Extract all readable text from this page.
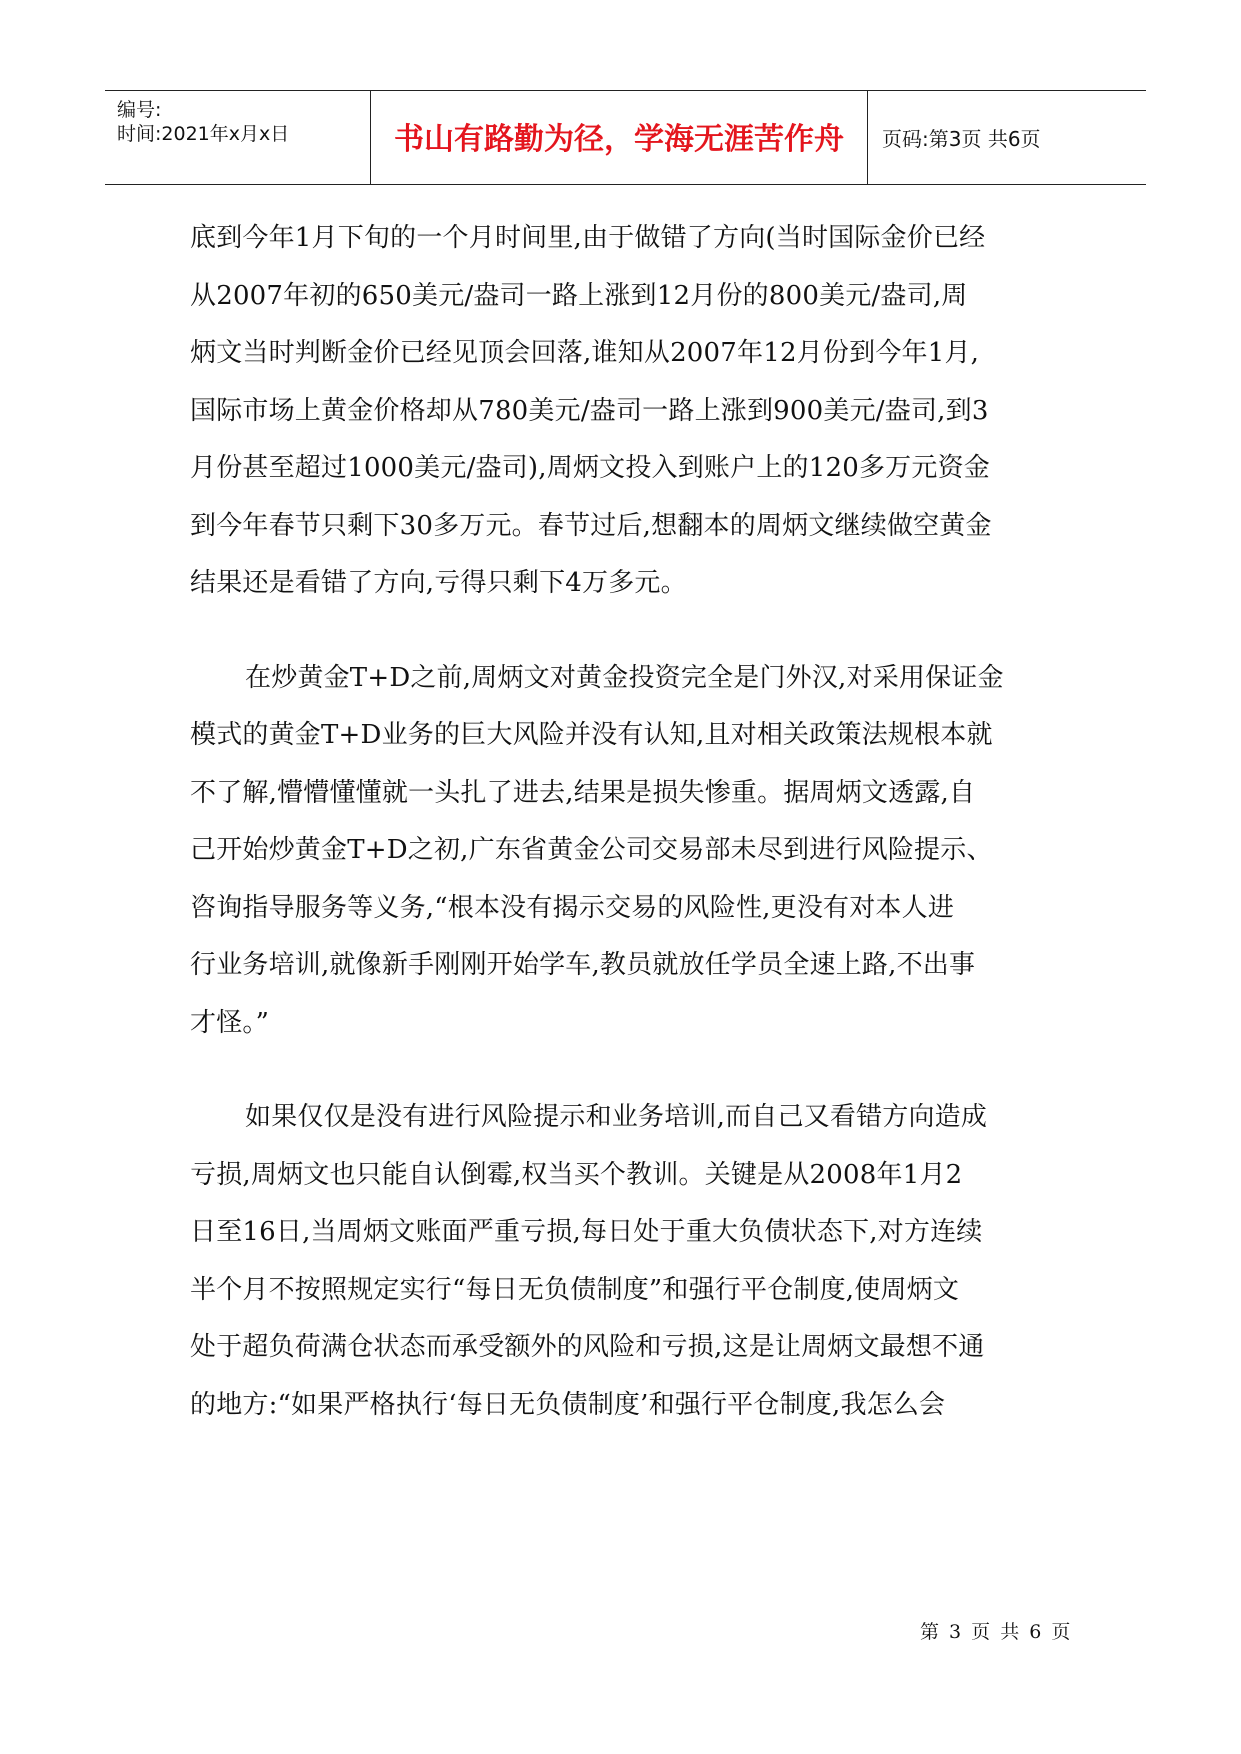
编号:
时间:2021年x月x日	书山有路勤为径，学海无涯苦作舟 页码:第3页 共6页

底到今年1月下旬的一个月时间里,由于做错了方向(当时国际金价已经
从2007年初的650美元/盎司一路上涨到12月份的800美元/盎司,周
炳文当时判断金价已经见顶会回落,谁知从2007年12月份到今年1月,
国际市场上黄金价格却从780美元/盎司一路上涨到900美元/盎司,到3
月份甚至超过1000美元/盎司),周炳文投入到账户上的120多万元资金
到今年春节只剩下30多万元。春节过后,想翻本的周炳文继续做空黄金
结果还是看错了方向,亏得只剩下4万多元。

在炒黄金T+D之前,周炳文对黄金投资完全是门外汉,对采用保证金
模式的黄金T+D业务的巨大风险并没有认知,且对相关政策法规根本就
不了解,懵懵懂懂就一头扎了进去,结果是损失惨重。据周炳文透露,自
己开始炒黄金T+D之初,广东省黄金公司交易部未尽到进行风险提示、
咨询指导服务等义务,“根本没有揭示交易的风险性,更没有对本人进
行业务培训,就像新手刚刚开始学车,教员就放任学员全速上路,不出事
才怪。”

如果仅仅是没有进行风险提示和业务培训,而自己又看错方向造成
亏损,周炳文也只能自认倒霉,权当买个教训。关键是从2008年1月2
日至16日,当周炳文账面严重亏损,每日处于重大负债状态下,对方连续
半个月不按照规定实行“每日无负债制度”和强行平仓制度,使周炳文
处于超负荷满仓状态而承受额外的风险和亏损,这是让周炳文最想不通
的地方:“如果严格执行‘每日无负债制度’和强行平仓制度,我怎么会

第 3 页 共 6 页
